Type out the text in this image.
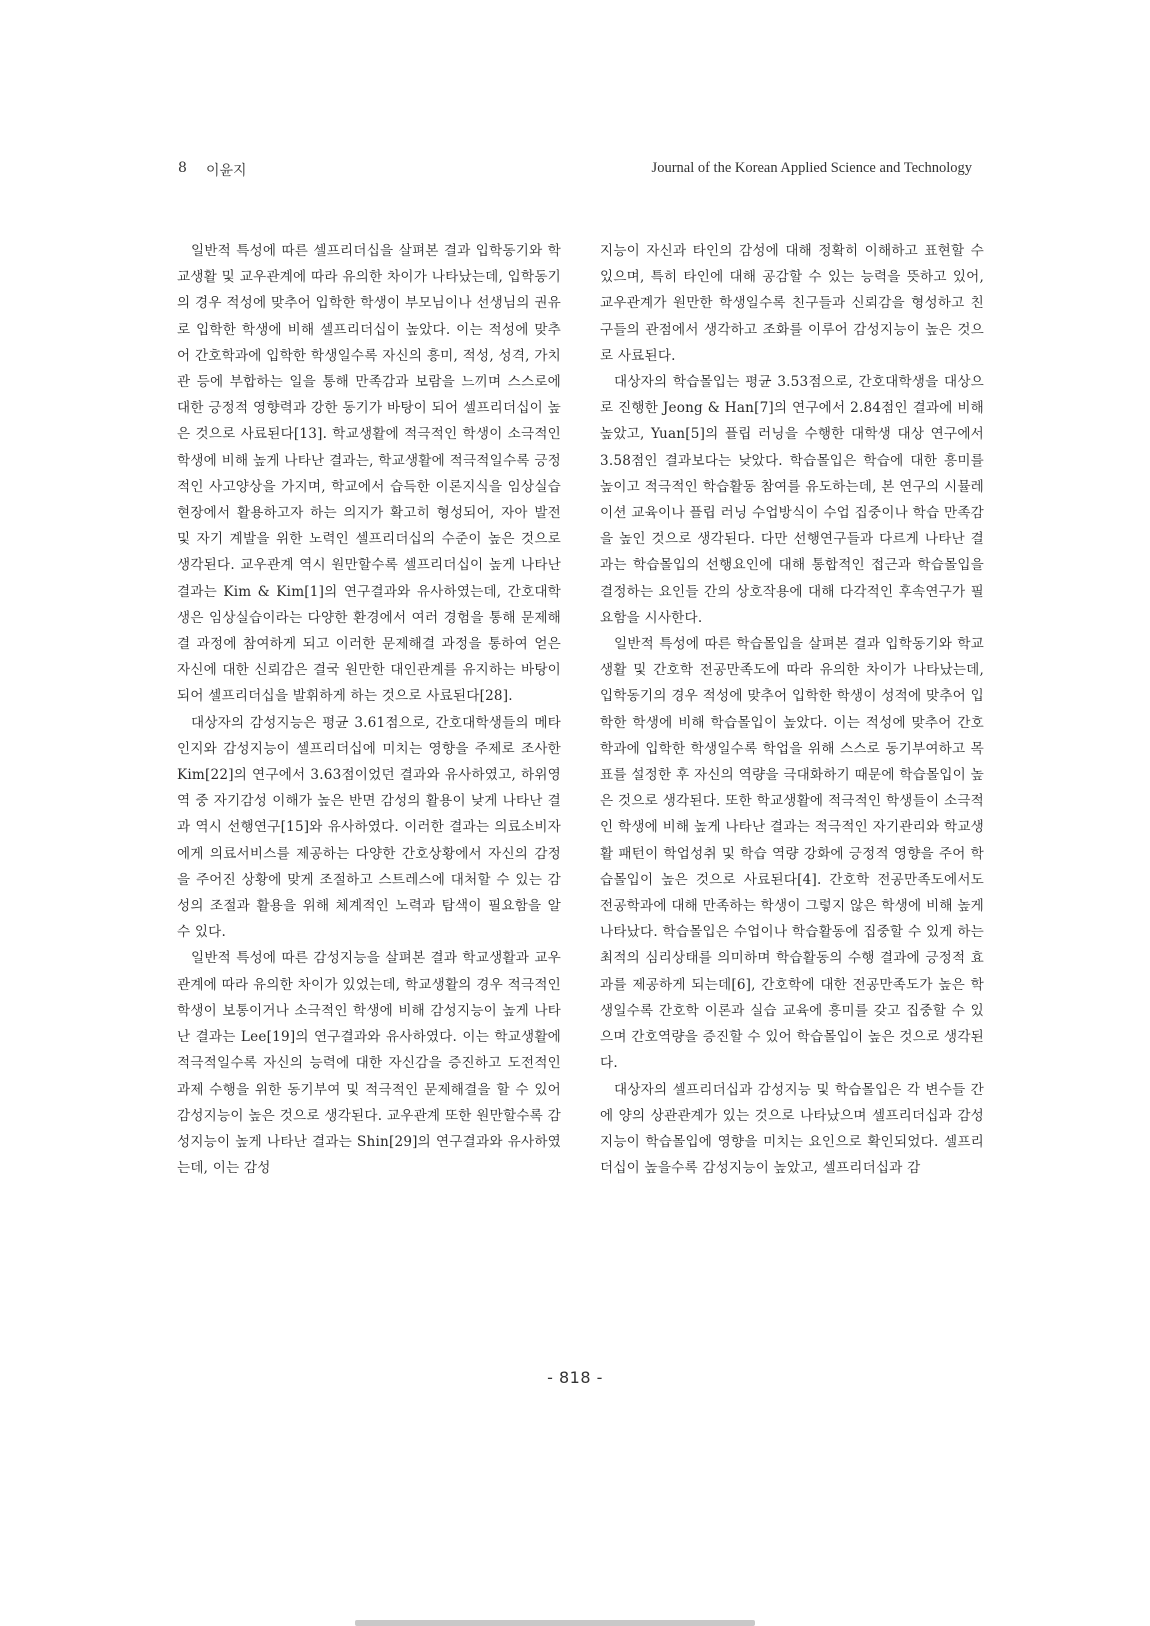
8 이윤지	Journal of the Korean Applied Science and Technology

일반적 특성에 따른 셀프리더십을 살펴본 결과 입학동기와 학교생활 및 교우관계에 따라 유의한 차이가 나타났는데, 입학동기의 경우 적성에 맞추어 입학한 학생이 부모님이나 선생님의 권유로 입학한 학생에 비해 셀프리더십이 높았다. 이는 적성에 맞추어 간호학과에 입학한 학생일수록 자신의 흥미, 적성, 성격, 가치관 등에 부합하는 일을 통해 만족감과 보람을 느끼며 스스로에 대한 긍정적 영향력과 강한 동기가 바탕이 되어 셀프리더십이 높은 것으로 사료된다[13]. 학교생활에 적극적인 학생이 소극적인 학생에 비해 높게 나타난 결과는, 학교생활에 적극적일수록 긍정적인 사고양상을 가지며, 학교에서 습득한 이론지식을 임상실습 현장에서 활용하고자 하는 의지가 확고히 형성되어, 자아 발전 및 자기 계발을 위한 노력인 셀프리더십의 수준이 높은 것으로 생각된다. 교우관계 역시 원만할수록 셀프리더십이 높게 나타난 결과는 Kim & Kim[1]의 연구결과와 유사하였는데, 간호대학생은 임상실습이라는 다양한 환경에서 여러 경험을 통해 문제해결 과정에 참여하게 되고 이러한 문제해결 과정을 통하여 얻은 자신에 대한 신뢰감은 결국 원만한 대인관계를 유지하는 바탕이 되어 셀프리더십을 발휘하게 하는 것으로 사료된다[28].

대상자의 감성지능은 평균 3.61점으로, 간호대학생들의 메타인지와 감성지능이 셀프리더십에 미치는 영향을 주제로 조사한 Kim[22]의 연구에서 3.63점이었던 결과와 유사하였고, 하위영역 중 자기감성 이해가 높은 반면 감성의 활용이 낮게 나타난 결과 역시 선행연구[15]와 유사하였다. 이러한 결과는 의료소비자에게 의료서비스를 제공하는 다양한 간호상황에서 자신의 감정을 주어진 상황에 맞게 조절하고 스트레스에 대처할 수 있는 감성의 조절과 활용을 위해 체계적인 노력과 탐색이 필요함을 알 수 있다.

일반적 특성에 따른 감성지능을 살펴본 결과 학교생활과 교우관계에 따라 유의한 차이가 있었는데, 학교생활의 경우 적극적인 학생이 보통이거나 소극적인 학생에 비해 감성지능이 높게 나타난 결과는 Lee[19]의 연구결과와 유사하였다. 이는 학교생활에 적극적일수록 자신의 능력에 대한 자신감을 증진하고 도전적인 과제 수행을 위한 동기부여 및 적극적인 문제해결을 할 수 있어 감성지능이 높은 것으로 생각된다. 교우관계 또한 원만할수록 감성지능이 높게 나타난 결과는 Shin[29]의 연구결과와 유사하였는데, 이는 감성

지능이 자신과 타인의 감성에 대해 정확히 이해하고 표현할 수 있으며, 특히 타인에 대해 공감할 수 있는 능력을 뜻하고 있어, 교우관계가 원만한 학생일수록 친구들과 신뢰감을 형성하고 친구들의 관점에서 생각하고 조화를 이루어 감성지능이 높은 것으로 사료된다.

대상자의 학습몰입는 평균 3.53점으로, 간호대학생을 대상으로 진행한 Jeong & Han[7]의 연구에서 2.84점인 결과에 비해 높았고, Yuan[5]의 플립 러닝을 수행한 대학생 대상 연구에서 3.58점인 결과보다는 낮았다. 학습몰입은 학습에 대한 흥미를 높이고 적극적인 학습활동 참여를 유도하는데, 본 연구의 시뮬레이션 교육이나 플립 러닝 수업방식이 수업 집중이나 학습 만족감을 높인 것으로 생각된다. 다만 선행연구들과 다르게 나타난 결과는 학습몰입의 선행요인에 대해 통합적인 접근과 학습몰입을 결정하는 요인들 간의 상호작용에 대해 다각적인 후속연구가 필요함을 시사한다.

일반적 특성에 따른 학습몰입을 살펴본 결과 입학동기와 학교생활 및 간호학 전공만족도에 따라 유의한 차이가 나타났는데, 입학동기의 경우 적성에 맞추어 입학한 학생이 성적에 맞추어 입학한 학생에 비해 학습몰입이 높았다. 이는 적성에 맞추어 간호학과에 입학한 학생일수록 학업을 위해 스스로 동기부여하고 목표를 설정한 후 자신의 역량을 극대화하기 때문에 학습몰입이 높은 것으로 생각된다. 또한 학교생활에 적극적인 학생들이 소극적인 학생에 비해 높게 나타난 결과는 적극적인 자기관리와 학교생활 패턴이 학업성취 및 학습 역량 강화에 긍정적 영향을 주어 학습몰입이 높은 것으로 사료된다[4]. 간호학 전공만족도에서도 전공학과에 대해 만족하는 학생이 그렇지 않은 학생에 비해 높게 나타났다. 학습몰입은 수업이나 학습활동에 집중할 수 있게 하는 최적의 심리상태를 의미하며 학습활동의 수행 결과에 긍정적 효과를 제공하게 되는데[6], 간호학에 대한 전공만족도가 높은 학생일수록 간호학 이론과 실습 교육에 흥미를 갖고 집중할 수 있으며 간호역량을 증진할 수 있어 학습몰입이 높은 것으로 생각된다.

대상자의 셀프리더십과 감성지능 및 학습몰입은 각 변수들 간에 양의 상관관계가 있는 것으로 나타났으며 셀프리더십과 감성지능이 학습몰입에 영향을 미치는 요인으로 확인되었다. 셀프리더십이 높을수록 감성지능이 높았고, 셀프리더십과 감

- 818 -
